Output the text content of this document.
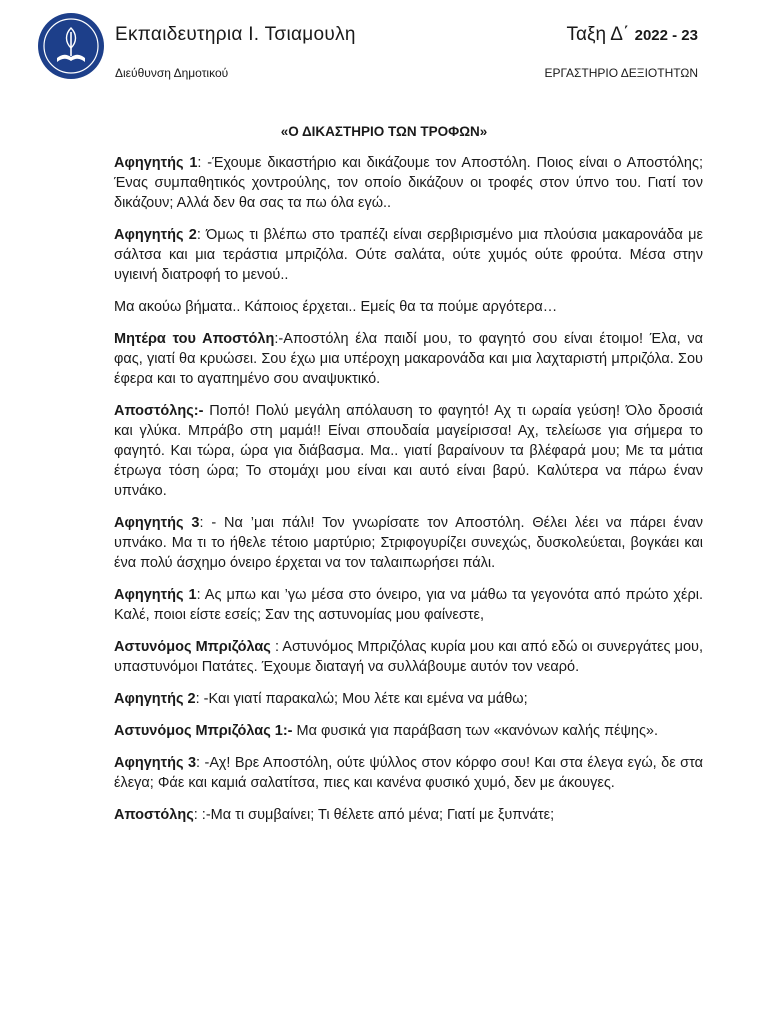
Εκπαιδευτηρια Ι. Τσιαμουλη	Ταξη Δ΄ 2022 - 23
Διεύθυνση Δημοτικού	ΕΡΓΑΣΤΗΡΙΟ ΔΕΞΙΟΤΗΤΩΝ
«Ο ΔΙΚΑΣΤΗΡΙΟ ΤΩΝ ΤΡΟΦΩΝ»

Αφηγητής 1: -Έχουμε δικαστήριο και δικάζουμε τον Αποστόλη. Ποιος είναι ο Αποστόλης; Ένας συμπαθητικός χοντρούλης, τον οποίο δικάζουν οι τροφές στον ύπνο του. Γιατί τον δικάζουν; Αλλά δεν θα σας τα πω όλα εγώ..

Αφηγητής 2: Όμως τι βλέπω στο τραπέζι είναι σερβιρισμένο μια πλούσια μακαρονάδα με σάλτσα και μια τεράστια μπριζόλα. Ούτε σαλάτα, ούτε χυμός ούτε φρούτα. Μέσα στην υγιεινή διατροφή το μενού..

Μα ακούω βήματα.. Κάποιος έρχεται.. Εμείς θα τα πούμε αργότερα…

Μητέρα του Αποστόλη:-Αποστόλη έλα παιδί μου, το φαγητό σου είναι έτοιμο! Έλα, να φας, γιατί θα κρυώσει. Σου έχω μια υπέροχη μακαρονάδα και μια λαχταριστή μπριζόλα. Σου έφερα και το αγαπημένο σου αναψυκτικό.

Αποστόλης:- Ποπό! Πολύ μεγάλη απόλαυση το φαγητό! Αχ τι ωραία γεύση! Όλο δροσιά και γλύκα. Μπράβο στη μαμά!! Είναι σπουδαία μαγείρισσα! Αχ, τελείωσε για σήμερα το φαγητό. Και τώρα, ώρα για διάβασμα. Μα.. γιατί βαραίνουν τα βλέφαρά μου; Με τα μάτια έτρωγα τόση ώρα; Το στομάχι μου είναι και αυτό είναι βαρύ. Καλύτερα να πάρω έναν υπνάκο.

Αφηγητής 3: - Να ’μαι πάλι! Τον γνωρίσατε τον Αποστόλη. Θέλει λέει να πάρει έναν υπνάκο. Μα τι το ήθελε τέτοιο μαρτύριο; Στριφογυρίζει συνεχώς, δυσκολεύεται, βογκάει και ένα πολύ άσχημο όνειρο έρχεται να τον ταλαιπωρήσει πάλι.

Αφηγητής 1: Ας μπω και ’γω μέσα στο όνειρο, για να μάθω τα γεγονότα από πρώτο χέρι. Καλέ, ποιοι είστε εσείς; Σαν της αστυνομίας μου φαίνεστε,

Αστυνόμος Μπριζόλας : Αστυνόμος Μπριζόλας κυρία μου και από εδώ οι συνεργάτες μου, υπαστυνόμοι Πατάτες. Έχουμε διαταγή να συλλάβουμε αυτόν τον νεαρό.

Αφηγητής 2: -Και γιατί παρακαλώ; Μου λέτε και εμένα να μάθω;

Αστυνόμος Μπριζόλας 1:- Μα φυσικά για παράβαση των «κανόνων καλής πέψης».

Αφηγητής 3: -Αχ! Βρε Αποστόλη, ούτε ψύλλος στον κόρφο σου! Και στα έλεγα εγώ, δε στα έλεγα; Φάε και καμιά σαλατίτσα, πιες και κανένα φυσικό χυμό, δεν με άκουγες.

Αποστόλης: :-Μα τι συμβαίνει; Τι θέλετε από μένα; Γιατί με ξυπνάτε;
